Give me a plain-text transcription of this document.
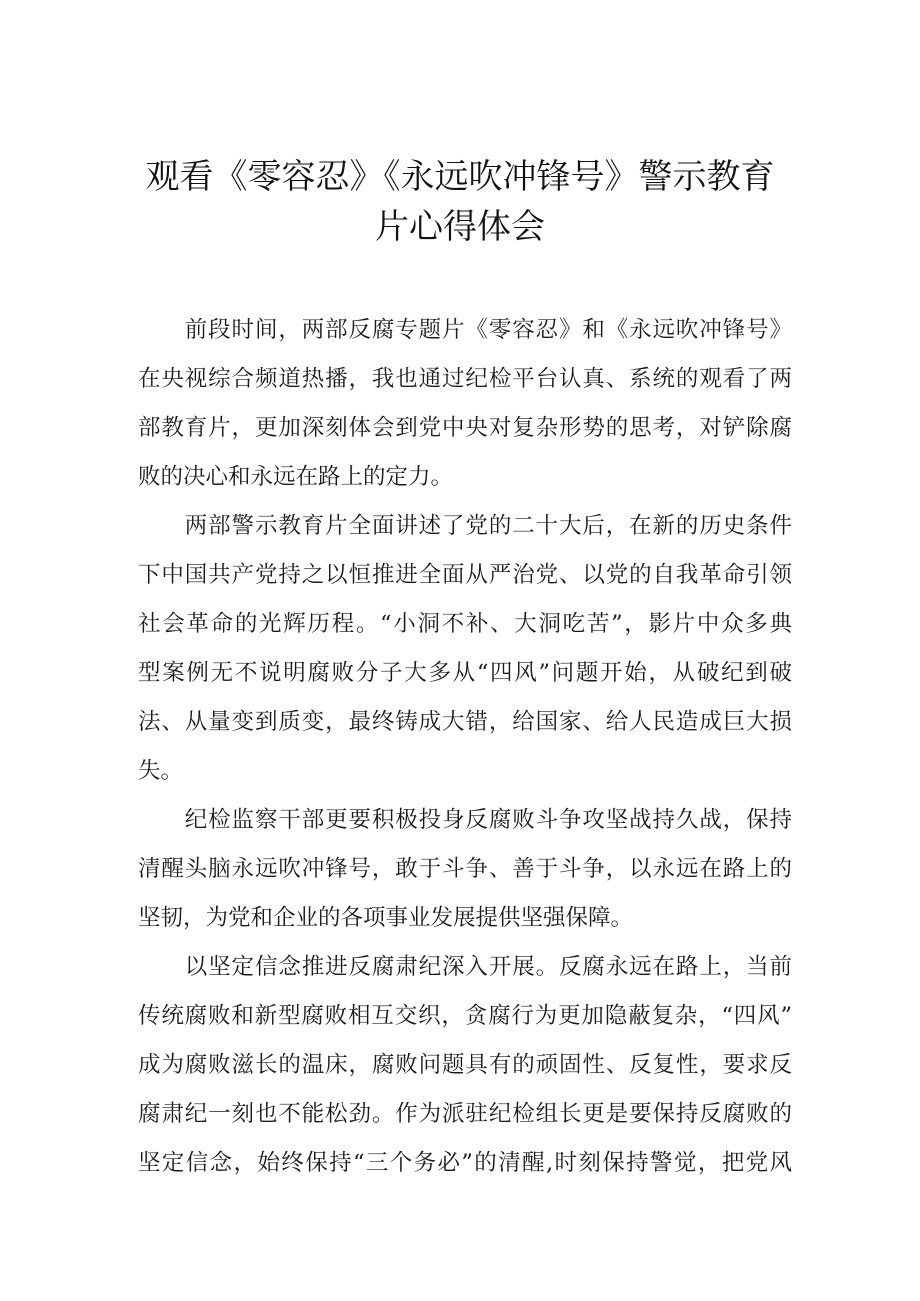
观看《零容忍》《永远吹冲锋号》警示教育
片心得体会
　　前段时间，两部反腐专题片《零容忍》和《永远吹冲锋号》
在央视综合频道热播，我也通过纪检平台认真、系统的观看了两
部教育片，更加深刻体会到党中央对复杂形势的思考，对铲除腐
败的决心和永远在路上的定力。
　　两部警示教育片全面讲述了党的二十大后，在新的历史条件
下中国共产党持之以恒推进全面从严治党、以党的自我革命引领
社会革命的光辉历程。“小洞不补、大洞吃苦”，影片中众多典
型案例无不说明腐败分子大多从“四风”问题开始，从破纪到破
法、从量变到质变，最终铸成大错，给国家、给人民造成巨大损
失。
　　纪检监察干部更要积极投身反腐败斗争攻坚战持久战，保持
清醒头脑永远吹冲锋号，敢于斗争、善于斗争，以永远在路上的
坚韧，为党和企业的各项事业发展提供坚强保障。
　　以坚定信念推进反腐肃纪深入开展。反腐永远在路上，当前
传统腐败和新型腐败相互交织，贪腐行为更加隐蔽复杂，“四风”
成为腐败滋长的温床，腐败问题具有的顽固性、反复性，要求反
腐肃纪一刻也不能松劲。作为派驻纪检组长更是要保持反腐败的
坚定信念，始终保持“三个务必”的清醒,时刻保持警觉，把党风
